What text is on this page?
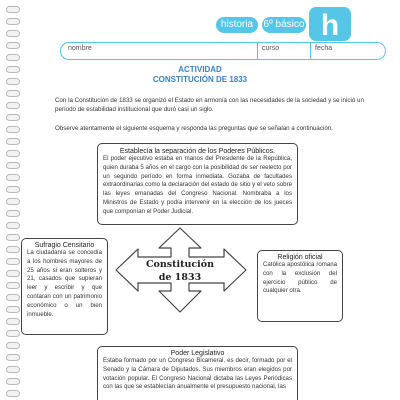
historia	6º básico h
nombre	curso	fecha
ACTIVIDAD
CONSTITUCIÓN DE 1833

Con la Constitución de 1833 se organizó el Estado en armonía con las necesidades de la sociedad y se inició un período de estabilidad institucional que duró casi un siglo.

Observe atentamente el siguiente esquema y responda las preguntas que se señalan a continuación.

Constitución de 1833
Establecía la separación de los Poderes Públicos.
El poder ejecutivo estaba en manos del Presidente de la República, quien duraba 5 años en el cargo con la posibilidad de ser reelecto por un segundo período en forma inmediata. Gozaba de facultades extraordinarias como la declaración del estado de sitio y el veto sobre las leyes emanadas del Congreso Nacional. Nombraba a los Ministros de Estado y podía intervenir en la elección de los jueces que componían el Poder Judicial.
Sufragio Censitario
La ciudadanía se concedía a los hombres mayores de 25 años si eran solteros y 21, casados que supieran leer y escribir y que contaran con un patrimonio económico o un bien inmueble.
Religión oficial
Católica apostólica romana con la exclusión del ejercicio público de cualquier otra.
Poder Legislativo
Estaba formado por un Congreso Bicameral, es decir, formado por el Senado y la Cámara de Diputados. Sus miembros eran elegidos por votación popular. El Congreso Nacional dictaba las Leyes Periódicas con las que se establecían anualmente el presupuesto nacional, las
